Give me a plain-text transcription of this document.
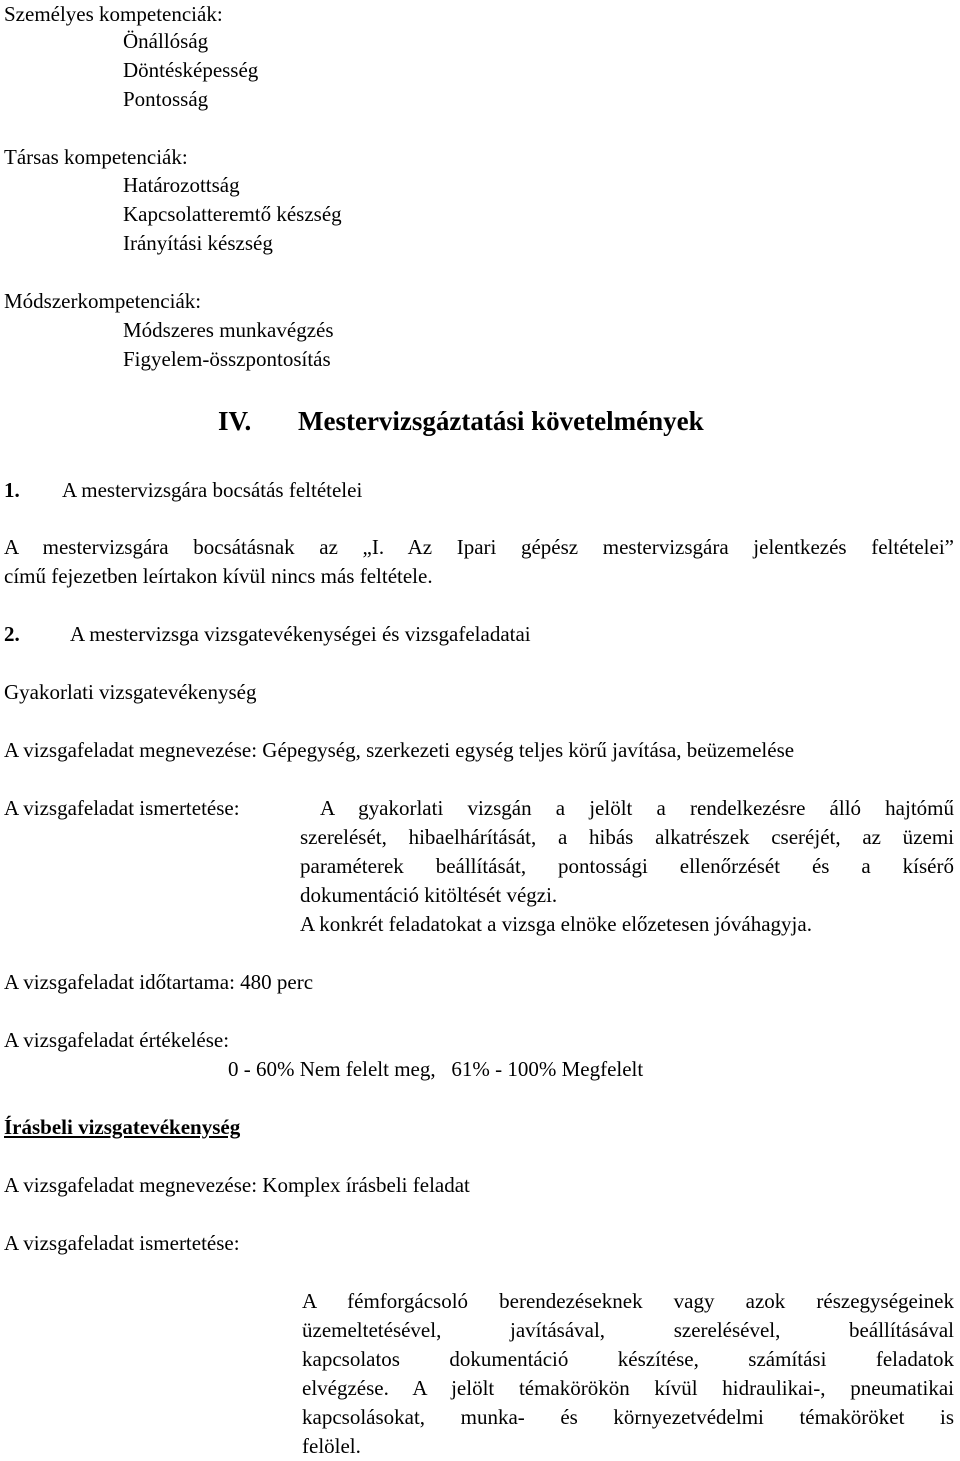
Személyes kompetenciák:
Önállóság
Döntésképesség
Pontosság
Társas kompetenciák:
Határozottság
Kapcsolatteremtő készség
Irányítási készség
Módszerkompetenciák:
Módszeres munkavégzés
Figyelem-összpontosítás
IV. Mestervizsgáztatási követelmények
1. A mestervizsgára bocsátás feltételei
A mestervizsgára bocsátásnak az „I. Az Ipari gépész mestervizsgára jelentkezés feltételei”
című fejezetben leírtakon kívül nincs más feltétele.
2. A mestervizsga vizsgatevékenységei és vizsgafeladatai
Gyakorlati vizsgatevékenység
A vizsgafeladat megnevezése: Gépegység, szerkezeti egység teljes körű javítása, beüzemelése
A vizsgafeladat ismertetése:	A gyakorlati vizsgán a jelölt a rendelkezésre álló hajtómű
szerelését, hibaelhárítását, a hibás alkatrészek cseréjét, az üzemi
paraméterek beállítását, pontossági ellenőrzését és a kísérő
dokumentáció kitöltését végzi.
A konkrét feladatokat a vizsga elnöke előzetesen jóváhagyja.
A vizsgafeladat időtartama: 480 perc
A vizsgafeladat értékelése:
0 - 60% Nem felelt meg,   61% - 100% Megfelelt
Írásbeli vizsgatevékenység
A vizsgafeladat megnevezése: Komplex írásbeli feladat
A vizsgafeladat ismertetése:
A fémforgácsoló berendezéseknek vagy azok részegységeinek
üzemeltetésével, javításával, szerelésével, beállításával
kapcsolatos dokumentáció készítése, számítási feladatok
elvégzése. A jelölt témakörökön kívül hidraulikai-, pneumatikai
kapcsolásokat, munka- és környezetvédelmi témaköröket is
felölel.
